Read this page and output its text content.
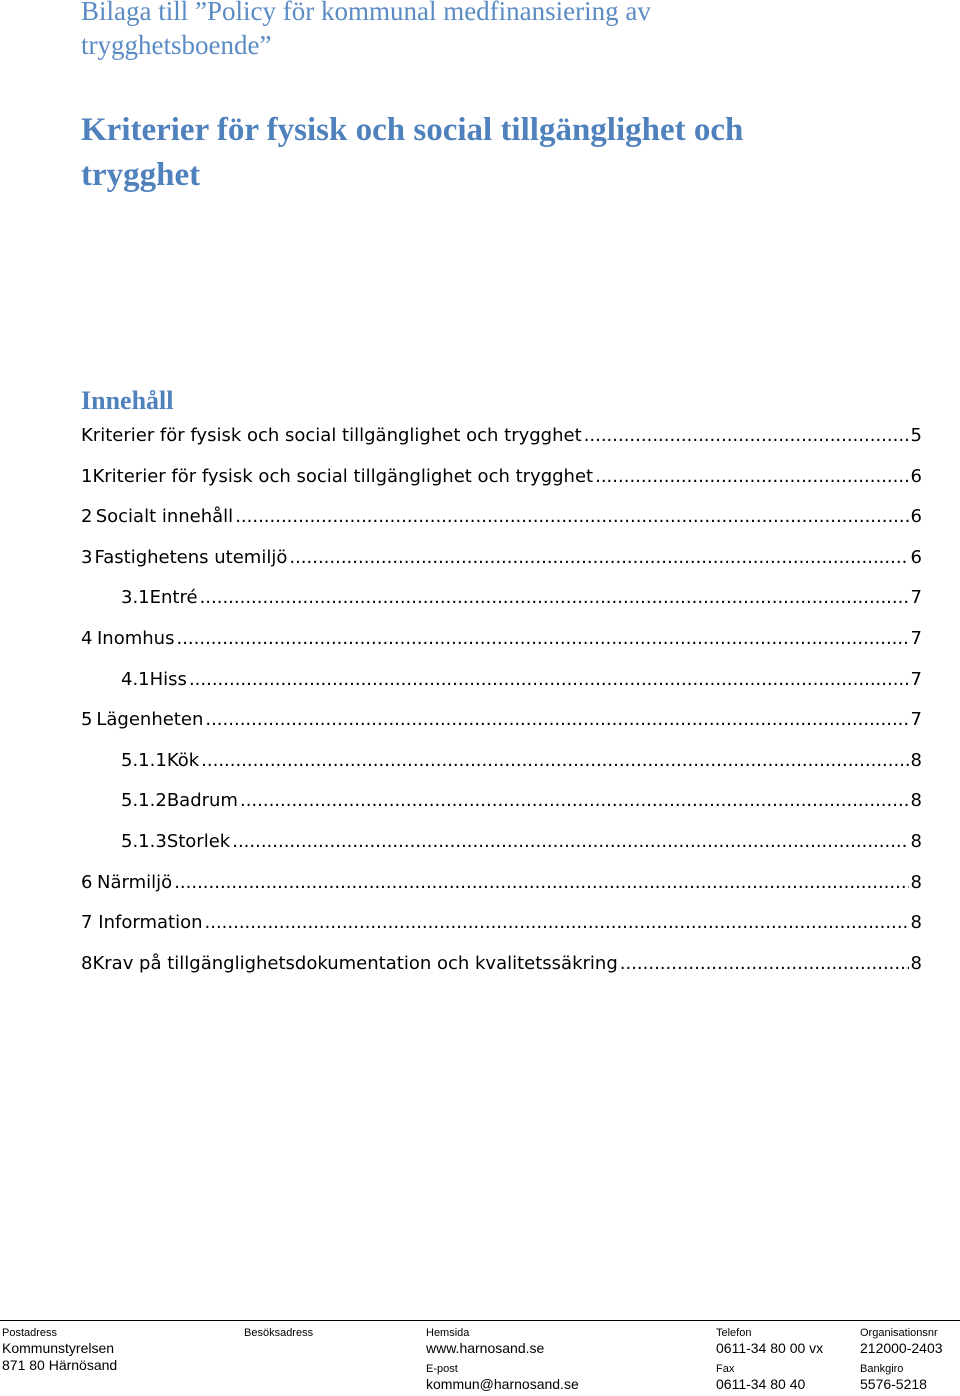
Bilaga till ”Policy för kommunal medfinansiering av
trygghetsboende”
Kriterier för fysisk och social tillgänglighet och
trygghet
Innehåll
Kriterier för fysisk och social tillgänglighet och trygghet .....	5
1 Kriterier för fysisk och social tillgänglighet och trygghet .....	6
2 Socialt innehåll .....	6
3 Fastighetens utemiljö .....	6
3.1 Entré .....	7
4 Inomhus .....	7
4.1 Hiss .....	7
5 Lägenheten .....	7
5.1.1 Kök .....	8
5.1.2 Badrum .....	8
5.1.3 Storlek .....	8
6 Närmiljö .....	8
7 Information .....	8
8 Krav på tillgänglighetsdokumentation och kvalitetssäkring .....	8
Postadress
Kommunstyrelsen
871 80 Härnösand
Besöksadress	Hemsida
www.harnosand.se
E-post
kommun@harnosand.se
Telefon
0611-34 80 00 vx
Fax
0611-34 80 40
Organisationsnr
212000-2403
Bankgiro
5576-5218
